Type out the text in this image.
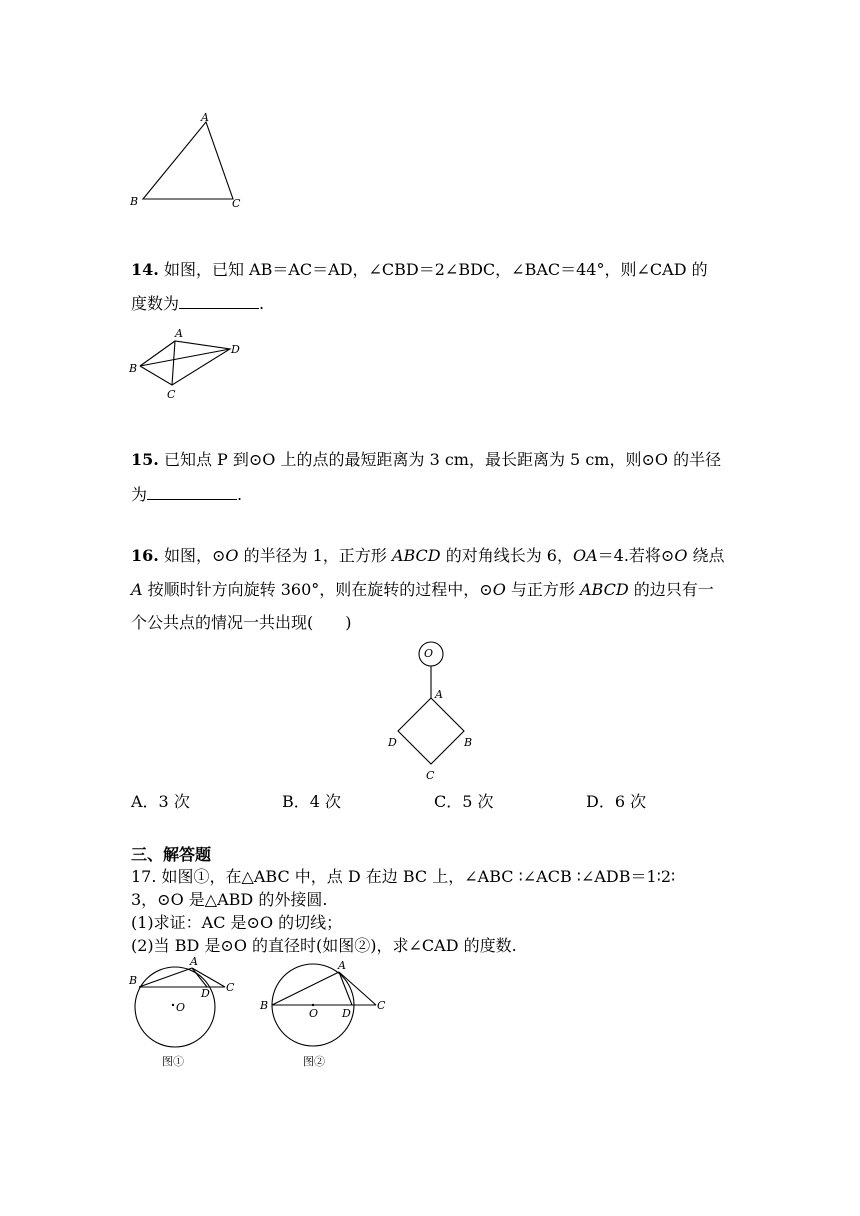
A
B	C
14. 如图，已知 AB＝AC＝AD，∠CBD＝2∠BDC，∠BAC＝44°，则∠CAD 的
度数为	.
A
B
C
D
15. 已知点 P 到⊙O 上的点的最短距离为 3 cm，最长距离为 5 cm，则⊙O 的半径
为	.
16. 如图，⊙O 的半径为 1，正方形 ABCD 的对角线长为 6，OA＝4.若将⊙O 绕点
A 按顺时针方向旋转 360°，则在旋转的过程中，⊙O 与正方形 ABCD 的边只有一
个公共点的情况一共出现(　　)
O
A
B
C
D
A．3 次	B．4 次	C．5 次	D．6 次
三、解答题
17. 如图①，在△ABC 中，点 D 在边 BC 上，∠ABC ∶∠ACB ∶∠ADB＝1∶2∶
3，⊙O 是△ABD 的外接圆.
(1)求证：AC 是⊙O 的切线；
(2)当 BD 是⊙O 的直径时(如图②)，求∠CAD 的度数.
A
B
C
D
O
图①
A
B	C
D
O
图②
